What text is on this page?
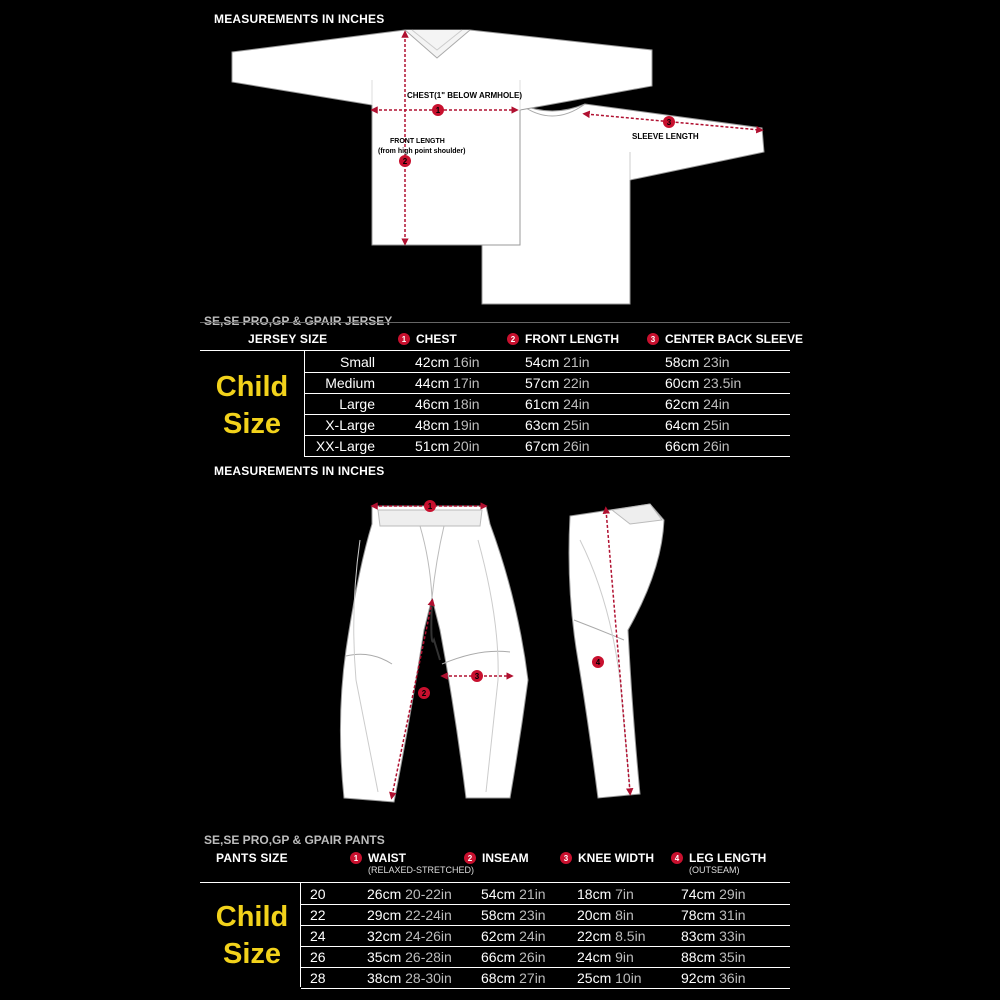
MEASUREMENTS IN INCHES
1
2
3
CHEST(1" BELOW ARMHOLE)
FRONT LENGTH
(from high point shoulder)
SLEEVE LENGTH
SE,SE PRO,GP & GPAIR JERSEY
JERSEY SIZE	1 CHEST	2 FRONT LENGTH	3 CENTER BACK SLEEVE
Child
Size
Small	42cm 16in	54cm 21in	58cm 23in
Medium	44cm 17in	57cm 22in	60cm 23.5in
Large	46cm 18in	61cm 24in	62cm 24in
X-Large	48cm 19in	63cm 25in	64cm 25in
XX-Large	51cm 20in	67cm 26in	66cm 26in
MEASUREMENTS IN INCHES
1
2
3
4
SE,SE PRO,GP & GPAIR PANTS
PANTS SIZE	1 WAIST
(RELAXED-STRETCHED)
2 INSEAM	3 KNEE WIDTH	4 LEG LENGTH
(OUTSEAM)
Child
Size
20	26cm 20-22in	54cm 21in	18cm 7in	74cm 29in
22	29cm 22-24in	58cm 23in	20cm 8in	78cm 31in
24	32cm 24-26in	62cm 24in	22cm 8.5in	83cm 33in
26	35cm 26-28in	66cm 26in	24cm 9in	88cm 35in
28	38cm 28-30in	68cm 27in	25cm 10in	92cm 36in
